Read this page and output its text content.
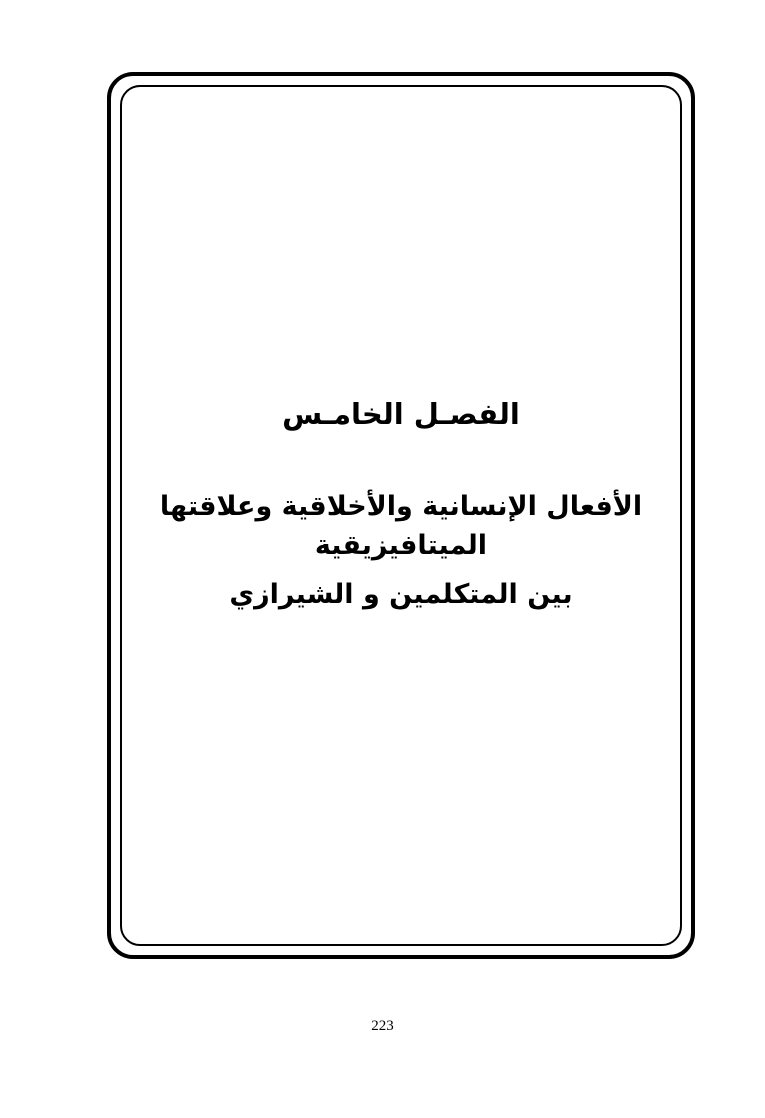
الفصـل الخامـس
الأفعال الإنسانية والأخلاقية وعلاقتها
الميتافيزيقية
بين المتكلمين و الشيرازي
223
